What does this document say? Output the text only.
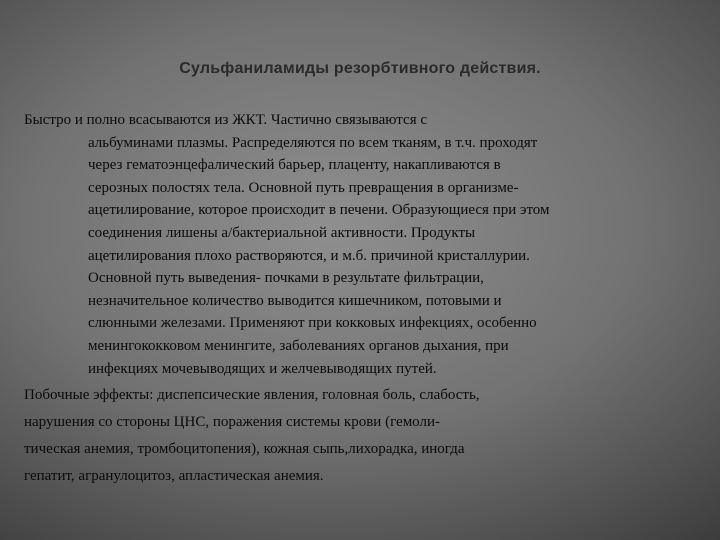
Сульфаниламиды резорбтивного действия.
Быстро и полно всасываются из ЖКТ. Частично связываются с
альбуминами плазмы. Распределяются по всем тканям, в т.ч. проходят
через гематоэнцефалический барьер, плаценту, накапливаются в
серозных полостях тела. Основной путь превращения в организме-
ацетилирование, которое происходит в печени. Образующиеся при этом
соединения лишены а/бактериальной активности. Продукты
ацетилирования плохо растворяются, и м.б. причиной кристаллурии.
Основной путь выведения- почками в результате фильтрации,
незначительное количество выводится кишечником, потовыми и
слюнными железами. Применяют при кокковых инфекциях, особенно
менингококковом менингите, заболеваниях органов дыхания, при
инфекциях мочевыводящих и желчевыводящих путей.
Побочные эффекты: диспепсические явления, головная боль, слабость,
нарушения со стороны ЦНС, поражения системы крови (гемоли-
тическая анемия, тромбоцитопения), кожная сыпь,лихорадка, иногда
гепатит, агранулоцитоз, апластическая анемия.
